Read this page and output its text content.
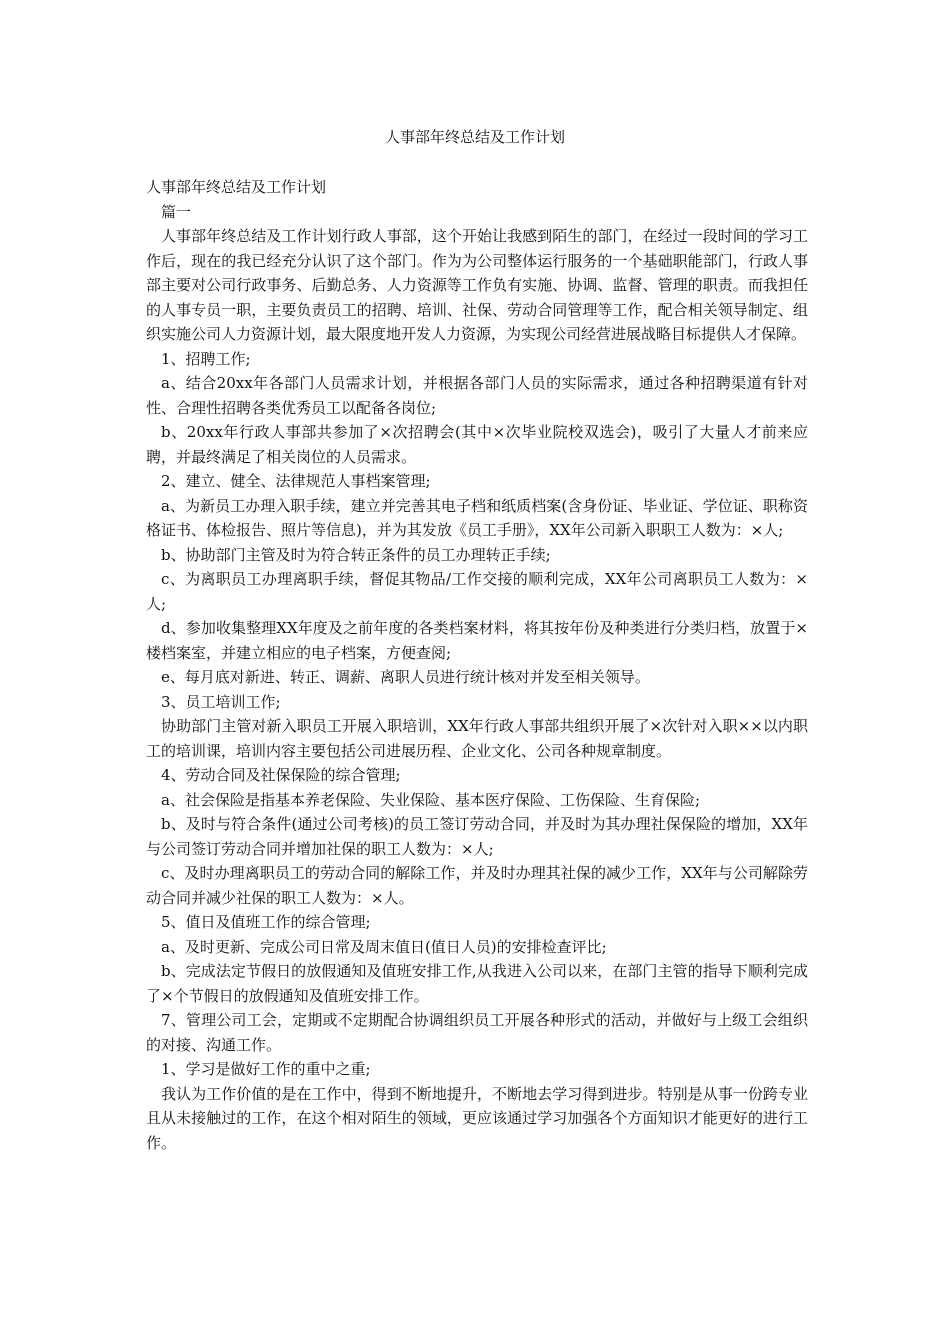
人事部年终总结及工作计划

人事部年终总结及工作计划

篇一

人事部年终总结及工作计划行政人事部，这个开始让我感到陌生的部门，在经过一段时间的学习工作后，现在的我已经充分认识了这个部门。作为为公司整体运行服务的一个基础职能部门，行政人事部主要对公司行政事务、后勤总务、人力资源等工作负有实施、协调、监督、管理的职责。而我担任的人事专员一职，主要负责员工的招聘、培训、社保、劳动合同管理等工作，配合相关领导制定、组织实施公司人力资源计划，最大限度地开发人力资源，为实现公司经营进展战略目标提供人才保障。

1、招聘工作;

a、结合20xx年各部门人员需求计划，并根据各部门人员的实际需求，通过各种招聘渠道有针对性、合理性招聘各类优秀员工以配备各岗位;

b、20xx年行政人事部共参加了×次招聘会(其中×次毕业院校双选会)，吸引了大量人才前来应聘，并最终满足了相关岗位的人员需求。

2、建立、健全、法律规范人事档案管理;

a、为新员工办理入职手续，建立并完善其电子档和纸质档案(含身份证、毕业证、学位证、职称资格证书、体检报告、照片等信息)，并为其发放《员工手册》，XX年公司新入职职工人数为：×人;

b、协助部门主管及时为符合转正条件的员工办理转正手续;

c、为离职员工办理离职手续，督促其物品/工作交接的顺利完成，XX年公司离职员工人数为：×人;

d、参加收集整理XX年度及之前年度的各类档案材料，将其按年份及种类进行分类归档，放置于×楼档案室，并建立相应的电子档案，方便查阅;

e、每月底对新进、转正、调薪、离职人员进行统计核对并发至相关领导。

3、员工培训工作;

协助部门主管对新入职员工开展入职培训，XX年行政人事部共组织开展了×次针对入职××以内职工的培训课，培训内容主要包括公司进展历程、企业文化、公司各种规章制度。

4、劳动合同及社保保险的综合管理;

a、社会保险是指基本养老保险、失业保险、基本医疗保险、工伤保险、生育保险;

b、及时与符合条件(通过公司考核)的员工签订劳动合同，并及时为其办理社保保险的增加，XX年与公司签订劳动合同并增加社保的职工人数为：×人;

c、及时办理离职员工的劳动合同的解除工作，并及时办理其社保的减少工作，XX年与公司解除劳动合同并减少社保的职工人数为：×人。

5、值日及值班工作的综合管理;

a、及时更新、完成公司日常及周末值日(值日人员)的安排检查评比;

b、完成法定节假日的放假通知及值班安排工作,从我进入公司以来，在部门主管的指导下顺利完成了×个节假日的放假通知及值班安排工作。

7、管理公司工会，定期或不定期配合协调组织员工开展各种形式的活动，并做好与上级工会组织的对接、沟通工作。

1、学习是做好工作的重中之重;

我认为工作价值的是在工作中，得到不断地提升，不断地去学习得到进步。特别是从事一份跨专业且从未接触过的工作，在这个相对陌生的领域，更应该通过学习加强各个方面知识才能更好的进行工作。
